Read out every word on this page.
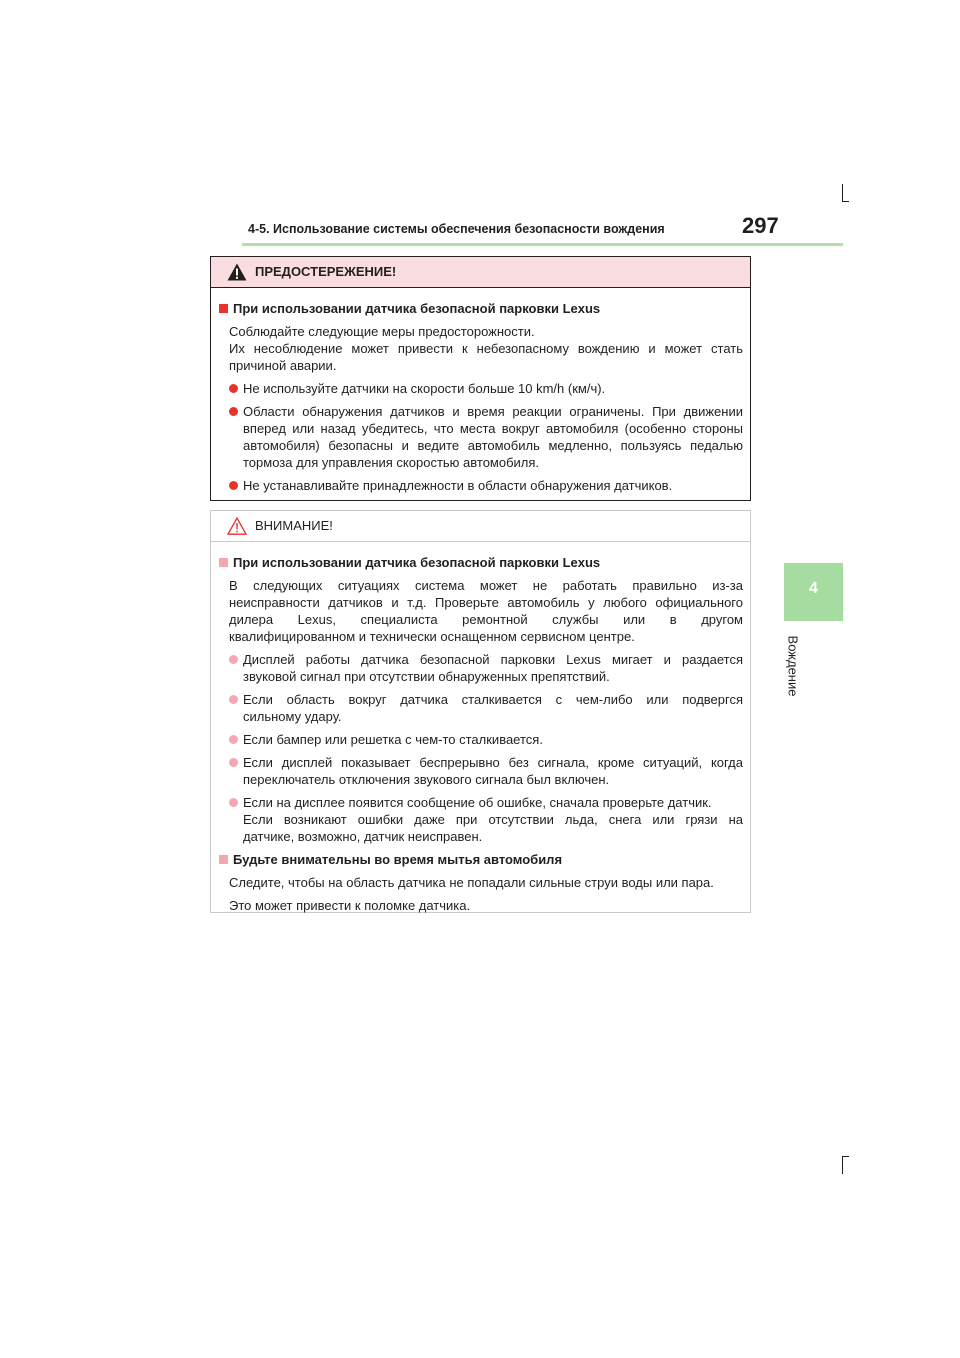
4-5. Использование системы обеспечения безопасности вождения	297
4
Вождение
ПРЕДОСТЕРЕЖЕНИЕ!
При использовании датчика безопасной парковки Lexus
Соблюдайте следующие меры предосторожности.
Их несоблюдение может привести к небезопасному вождению и может стать
причиной аварии.
Не используйте датчики на скорости больше 10 km/h (км/ч).
Области обнаружения датчиков и время реакции ограничены. При движении
вперед или назад убедитесь, что места вокруг автомобиля (особенно стороны
автомобиля) безопасны и ведите автомобиль медленно, пользуясь педалью
тормоза для управления скоростью автомобиля.
Не устанавливайте принадлежности в области обнаружения датчиков.
ВНИМАНИЕ!
При использовании датчика безопасной парковки Lexus
В следующих ситуациях система может не работать правильно из-за
неисправности датчиков и т.д. Проверьте автомобиль у любого официального
дилера Lexus, специалиста ремонтной службы или в другом
квалифицированном и технически оснащенном сервисном центре.
Дисплей работы датчика безопасной парковки Lexus мигает и раздается
звуковой сигнал при отсутствии обнаруженных препятствий.
Если область вокруг датчика сталкивается с чем-либо или подвергся
сильному удару.
Если бампер или решетка с чем-то сталкивается.
Если дисплей показывает беспрерывно без сигнала, кроме ситуаций, когда
переключатель отключения звукового сигнала был включен.
Если на дисплее появится сообщение об ошибке, сначала проверьте датчик.
Если возникают ошибки даже при отсутствии льда, снега или грязи на
датчике, возможно, датчик неисправен.
Будьте внимательны во время мытья автомобиля
Следите, чтобы на область датчика не попадали сильные струи воды или пара.
Это может привести к поломке датчика.
